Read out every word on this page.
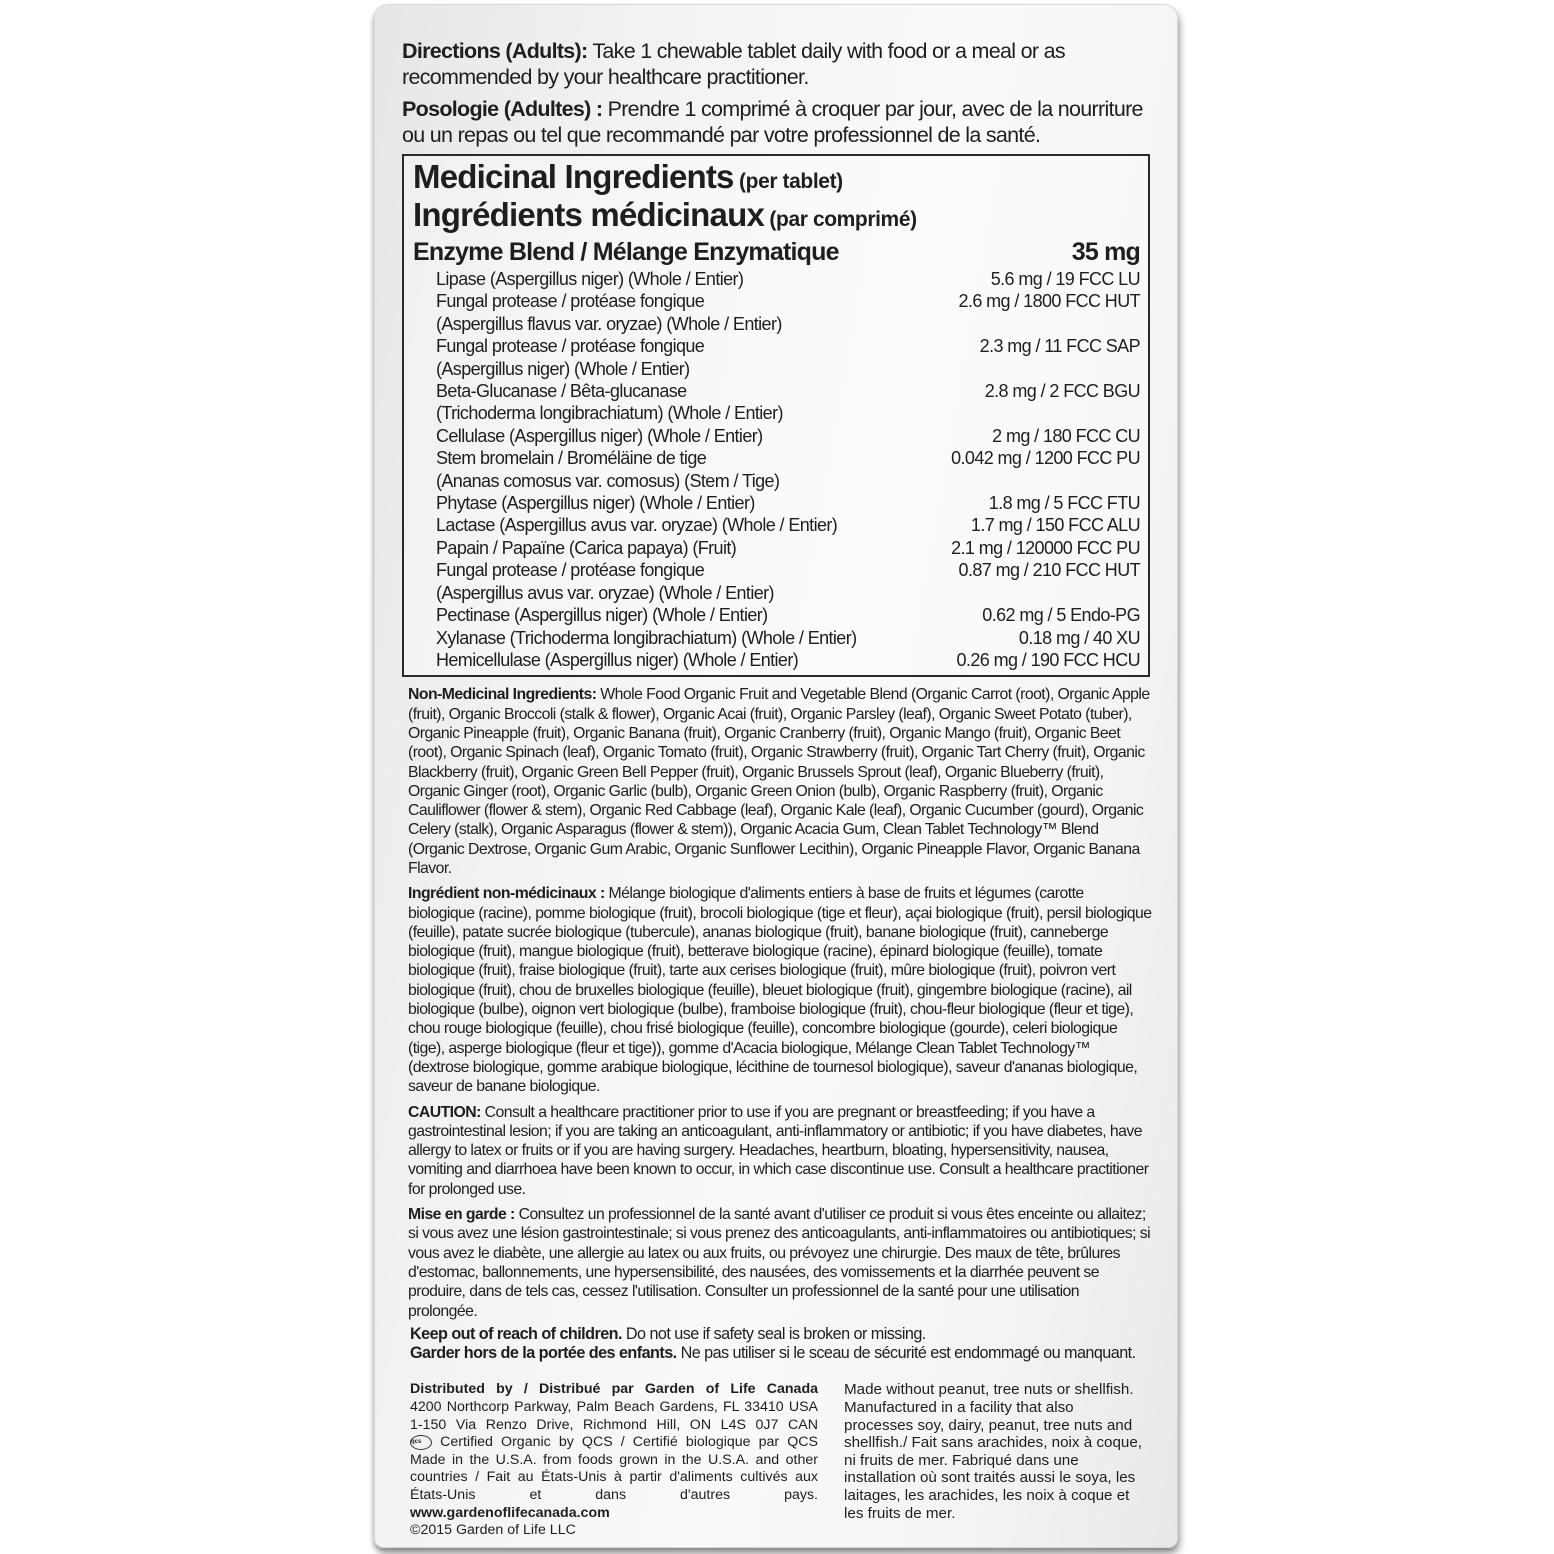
Directions (Adults): Take 1 chewable tablet daily with food or a meal or as recommended by your healthcare practitioner.

Posologie (Adultes) : Prendre 1 comprimé à croquer par jour, avec de la nourriture ou un repas ou tel que recommandé par votre professionnel de la santé.

Medicinal Ingredients (per tablet)
Ingrédients médicinaux (par comprimé)
Enzyme Blend / Mélange Enzymatique	35 mg
Lipase (Aspergillus niger) (Whole / Entier)	5.6 mg / 19 FCC LU
Fungal protease / protéase fongique	2.6 mg / 1800 FCC HUT
(Aspergillus flavus var. oryzae) (Whole / Entier)
Fungal protease / protéase fongique	2.3 mg / 11 FCC SAP
(Aspergillus niger) (Whole / Entier)
Beta-Glucanase / Bêta-glucanase	2.8 mg / 2 FCC BGU
(Trichoderma longibrachiatum) (Whole / Entier)
Cellulase (Aspergillus niger) (Whole / Entier)	2 mg / 180 FCC CU
Stem bromelain / Broméläine de tige	0.042 mg / 1200 FCC PU
(Ananas comosus var. comosus) (Stem / Tige)
Phytase (Aspergillus niger) (Whole / Entier)	1.8 mg / 5 FCC FTU
Lactase (Aspergillus avus var. oryzae) (Whole / Entier)	1.7 mg / 150 FCC ALU
Papain / Papaïne (Carica papaya) (Fruit)	2.1 mg / 120000 FCC PU
Fungal protease / protéase fongique	0.87 mg / 210 FCC HUT
(Aspergillus avus var. oryzae) (Whole / Entier)
Pectinase (Aspergillus niger) (Whole / Entier)	0.62 mg / 5 Endo-PG
Xylanase (Trichoderma longibrachiatum) (Whole / Entier)	0.18 mg / 40 XU
Hemicellulase (Aspergillus niger) (Whole / Entier)	0.26 mg / 190 FCC HCU

Non-Medicinal Ingredients: Whole Food Organic Fruit and Vegetable Blend (Organic Carrot (root), Organic Apple (fruit), Organic Broccoli (stalk & flower), Organic Acai (fruit), Organic Parsley (leaf), Organic Sweet Potato (tuber), Organic Pineapple (fruit), Organic Banana (fruit), Organic Cranberry (fruit), Organic Mango (fruit), Organic Beet (root), Organic Spinach (leaf), Organic Tomato (fruit), Organic Strawberry (fruit), Organic Tart Cherry (fruit), Organic Blackberry (fruit), Organic Green Bell Pepper (fruit), Organic Brussels Sprout (leaf), Organic Blueberry (fruit), Organic Ginger (root), Organic Garlic (bulb), Organic Green Onion (bulb), Organic Raspberry (fruit), Organic Cauliflower (flower & stem), Organic Red Cabbage (leaf), Organic Kale (leaf), Organic Cucumber (gourd), Organic Celery (stalk), Organic Asparagus (flower & stem)), Organic Acacia Gum, Clean Tablet Technology™ Blend (Organic Dextrose, Organic Gum Arabic, Organic Sunflower Lecithin), Organic Pineapple Flavor, Organic Banana Flavor.

Ingrédient non-médicinaux : Mélange biologique d'aliments entiers à base de fruits et légumes (carotte biologique (racine), pomme biologique (fruit), brocoli biologique (tige et fleur), açai biologique (fruit), persil biologique (feuille), patate sucrée biologique (tubercule), ananas biologique (fruit), banane biologique (fruit), canneberge biologique (fruit), mangue biologique (fruit), betterave biologique (racine), épinard biologique (feuille), tomate biologique (fruit), fraise biologique (fruit), tarte aux cerises biologique (fruit), mûre biologique (fruit), poivron vert biologique (fruit), chou de bruxelles biologique (feuille), bleuet biologique (fruit), gingembre biologique (racine), ail biologique (bulbe), oignon vert biologique (bulbe), framboise biologique (fruit), chou-fleur biologique (fleur et tige), chou rouge biologique (feuille), chou frisé biologique (feuille), concombre biologique (gourde), celeri biologique (tige), asperge biologique (fleur et tige)), gomme d'Acacia biologique, Mélange Clean Tablet Technology™ (dextrose biologique, gomme arabique biologique, lécithine de tournesol biologique), saveur d'ananas biologique, saveur de banane biologique.

CAUTION: Consult a healthcare practitioner prior to use if you are pregnant or breastfeeding; if you have a gastrointestinal lesion; if you are taking an anticoagulant, anti-inflammatory or antibiotic; if you have diabetes, have allergy to latex or fruits or if you are having surgery. Headaches, heartburn, bloating, hypersensitivity, nausea, vomiting and diarrhoea have been known to occur, in which case discontinue use. Consult a healthcare practitioner for prolonged use.

Mise en garde : Consultez un professionnel de la santé avant d'utiliser ce produit si vous êtes enceinte ou allaitez; si vous avez une lésion gastrointestinale; si vous prenez des anticoagulants, anti-inflammatoires ou antibiotiques; si vous avez le diabète, une allergie au latex ou aux fruits, ou prévoyez une chirurgie. Des maux de tête, brûlures d'estomac, ballonnements, une hypersensibilité, des nausées, des vomissements et la diarrhée peuvent se produire, dans de tels cas, cessez l'utilisation. Consulter un professionnel de la santé pour une utilisation prolongée.

Keep out of reach of children. Do not use if safety seal is broken or missing.
Garder hors de la portée des enfants. Ne pas utiliser si le sceau de sécurité est endommagé ou manquant.
Distributed by / Distribué par Garden of Life Canada
4200 Northcorp Parkway, Palm Beach Gardens, FL 33410 USA
1-150 Via Renzo Drive, Richmond Hill, ON L4S 0J7 CAN
qcs Certified Organic by QCS / Certifié biologique par QCS
Made in the U.S.A. from foods grown in the U.S.A. and other countries / Fait au États-Unis à partir d'aliments cultivés aux États-Unis et dans d'autres pays. www.gardenoflifecanada.com
©2015 Garden of Life LLC
Made without peanut, tree nuts or shellfish. Manufactured in a facility that also processes soy, dairy, peanut, tree nuts and shellfish./ Fait sans arachides, noix à coque, ni fruits de mer. Fabriqué dans une installation où sont traités aussi le soya, les laitages, les arachides, les noix à coque et les fruits de mer.
